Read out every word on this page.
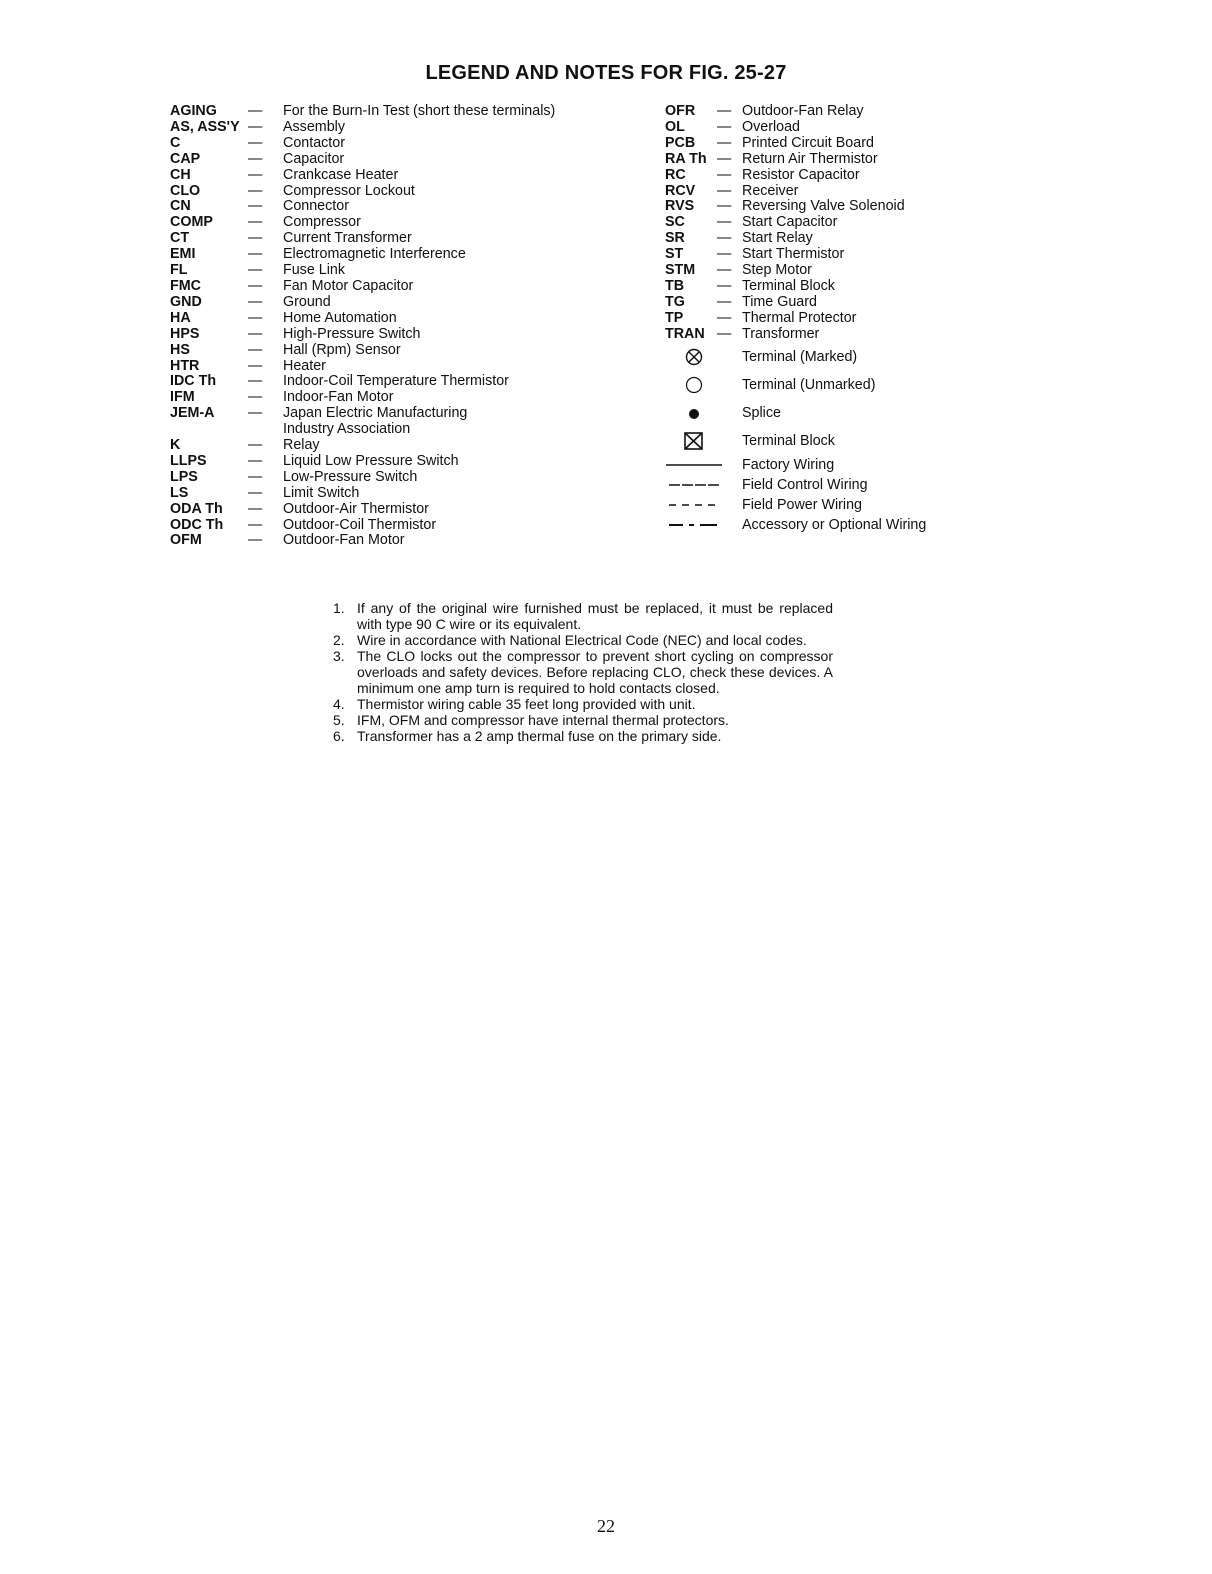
LEGEND AND NOTES FOR FIG. 25-27
AGING	—	For the Burn-In Test (short these terminals)
AS, ASS'Y —	Assembly
C	—	Contactor
CAP	—	Capacitor
CH	—	Crankcase Heater
CLO	—	Compressor Lockout
CN	—	Connector
COMP	—	Compressor
CT	—	Current Transformer
EMI	—	Electromagnetic Interference
FL	—	Fuse Link
FMC	—	Fan Motor Capacitor
GND	—	Ground
HA	—	Home Automation
HPS	—	High-Pressure Switch
HS	—	Hall (Rpm) Sensor
HTR	—	Heater
IDC Th	—	Indoor-Coil Temperature Thermistor
IFM	—	Indoor-Fan Motor
JEM-A	—	Japan Electric Manufacturing
Industry Association
K	—	Relay
LLPS	—	Liquid Low Pressure Switch
LPS	—	Low-Pressure Switch
LS	—	Limit Switch
ODA Th	—	Outdoor-Air Thermistor
ODC Th	—	Outdoor-Coil Thermistor
OFM	—	Outdoor-Fan Motor
OFR	— Outdoor-Fan Relay
OL	— Overload
PCB	— Printed Circuit Board
RA Th — Return Air Thermistor
RC	— Resistor Capacitor
RCV	— Receiver
RVS	— Reversing Valve Solenoid
SC	— Start Capacitor
SR	— Start Relay
ST	— Start Thermistor
STM	— Step Motor
TB	— Terminal Block
TG	— Time Guard
TP	— Thermal Protector
TRAN — Transformer
Terminal (Marked)
Terminal (Unmarked)
Splice
Terminal Block
Factory Wiring
Field Control Wiring
Field Power Wiring
Accessory or Optional Wiring
1. If any of the original wire furnished must be replaced, it must be replaced with type 90 C wire or its equivalent.
2. Wire in accordance with National Electrical Code (NEC) and local codes.
3. The CLO locks out the compressor to prevent short cycling on compressor overloads and safety devices. Before replacing CLO, check these devices. A minimum one amp turn is required to hold contacts closed.
4. Thermistor wiring cable 35 feet long provided with unit.
5. IFM, OFM and compressor have internal thermal protectors.
6. Transformer has a 2 amp thermal fuse on the primary side.
22
